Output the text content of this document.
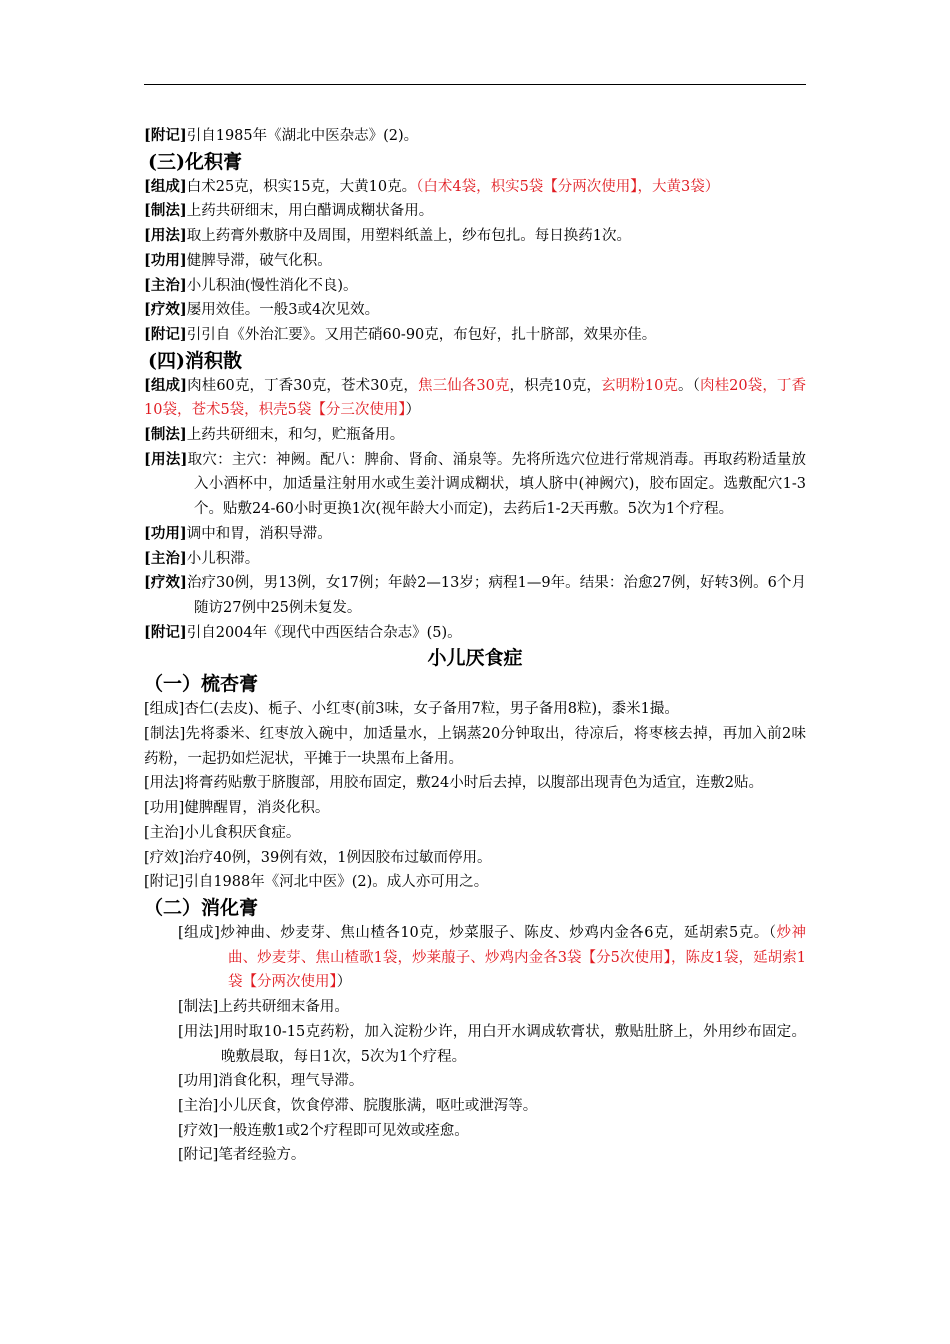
[附记]引自1985年《湖北中医杂志》(2)。
(三)化积膏
[组成]白术25克，枳实15克，大黄10克。（白术4袋，枳实5袋【分两次使用】，大黄3袋）
[制法]上药共研细末，用白醋调成糊状备用。
[用法]取上药膏外敷脐中及周围，用塑料纸盖上，纱布包扎。每日换药1次。
[功用]健脾导滞，破气化积。
[主治]小儿积油(慢性消化不良)。
[疗效]屡用效佳。一般3或4次见效。
[附记]引引自《外治汇要》。又用芒硝60-90克，布包好，扎十脐部，效果亦佳。
(四)消积散
[组成]肉桂60克，丁香30克，苍术30克，焦三仙各30克，枳壳10克，玄明粉10克。（肉桂20袋，丁香10袋，苍术5袋，枳壳5袋【分三次使用】）
[制法]上药共研细末，和匀，贮瓶备用。
[用法]取穴：主穴：神阙。配八：脾俞、肾俞、涌泉等。先将所选穴位进行常规消毒。再取药粉适量放入小酒杯中，加适量注射用水或生姜汁调成糊状，填人脐中(神阙穴)，胶布固定。选敷配穴1-3个。贴敷24-60小时更换1次(视年龄大小而定)，去药后1-2天再敷。5次为1个疗程。
[功用]调中和胃，消积导滞。
[主治]小儿积滞。
[疗效]治疗30例，男13例，女17例；年龄2—13岁；病程1—9年。结果：治愈27例，好转3例。6个月随访27例中25例未复发。
[附记]引自2004年《现代中西医结合杂志》(5)。
小儿厌食症
（一）梳杏膏
[组成]杏仁(去皮)、栀子、小红枣(前3味，女子备用7粒，男子备用8粒)，黍米1撮。
[制法]先将黍米、红枣放入碗中，加适量水，上锅蒸20分钟取出，待凉后，将枣核去掉，再加入前2味药粉，一起扔如烂泥状，平摊于一块黑布上备用。
[用法]将膏药贴敷于脐腹部，用胶布固定，敷24小时后去掉，以腹部出现青色为适宜，连敷2贴。
[功用]健脾醒胃，消炎化积。
[主治]小儿食积厌食症。
[疗效]治疗40例，39例有效，1例因胶布过敏而停用。
[附记]引自1988年《河北中医》(2)。成人亦可用之。
（二）消化膏
[组成]炒神曲、炒麦芽、焦山楂各10克，炒菜服子、陈皮、炒鸡内金各6克，延胡索5克。（炒神曲、炒麦芽、焦山楂歌1袋，炒莱菔子、炒鸡内金各3袋【分5次使用】，陈皮1袋，延胡索1袋【分两次使用】）
[制法]上药共研细末备用。
[用法]用时取10-15克药粉，加入淀粉少许，用白开水调成软膏状，敷贴肚脐上，外用纱布固定。晚敷晨取，每日1次，5次为1个疗程。
[功用]消食化积，理气导滞。
[主治]小儿厌食，饮食停滞、脘腹胀满，呕吐或泄泻等。
[疗效]一般连敷1或2个疗程即可见效或痊愈。
[附记]笔者经验方。
